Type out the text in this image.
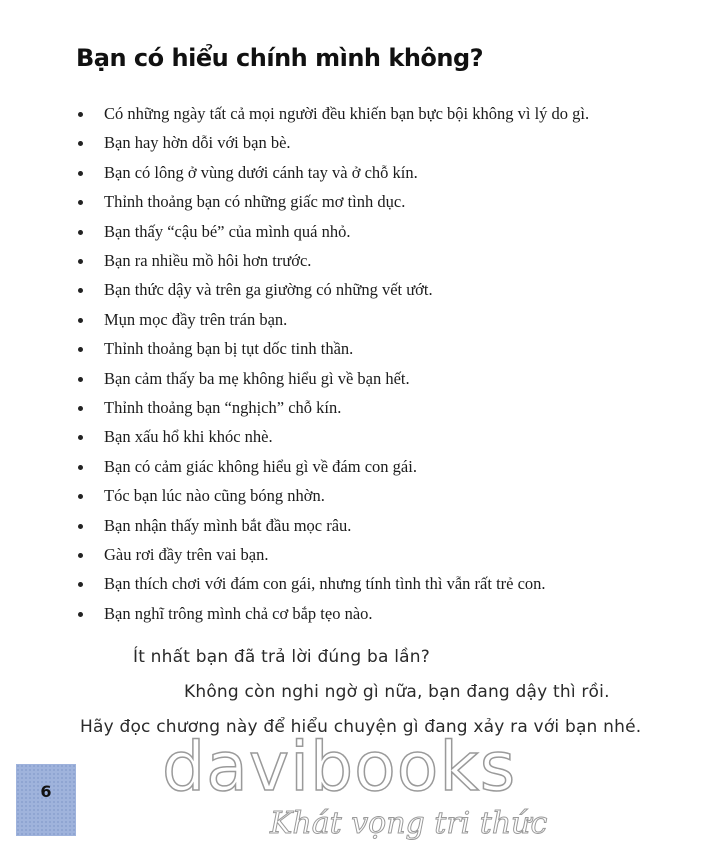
Bạn có hiểu chính mình không?
Có những ngày tất cả mọi người đều khiến bạn bực bội không vì lý do gì.
Bạn hay hờn dỗi với bạn bè.
Bạn có lông ở vùng dưới cánh tay và ở chỗ kín.
Thỉnh thoảng bạn có những giấc mơ tình dục.
Bạn thấy “cậu bé” của mình quá nhỏ.
Bạn ra nhiều mồ hôi hơn trước.
Bạn thức dậy và trên ga giường có những vết ướt.
Mụn mọc đầy trên trán bạn.
Thỉnh thoảng bạn bị tụt dốc tinh thần.
Bạn cảm thấy ba mẹ không hiểu gì về bạn hết.
Thỉnh thoảng bạn “nghịch” chỗ kín.
Bạn xấu hổ khi khóc nhè.
Bạn có cảm giác không hiểu gì về đám con gái.
Tóc bạn lúc nào cũng bóng nhờn.
Bạn nhận thấy mình bắt đầu mọc râu.
Gàu rơi đầy trên vai bạn.
Bạn thích chơi với đám con gái, nhưng tính tình thì vẫn rất trẻ con.
Bạn nghĩ trông mình chả cơ bắp tẹo nào.
Ít nhất bạn đã trả lời đúng ba lần?
Không còn nghi ngờ gì nữa, bạn đang dậy thì rồi.
Hãy đọc chương này để hiểu chuyện gì đang xảy ra với bạn nhé.
6	davibooks
Khát vọng tri thức
